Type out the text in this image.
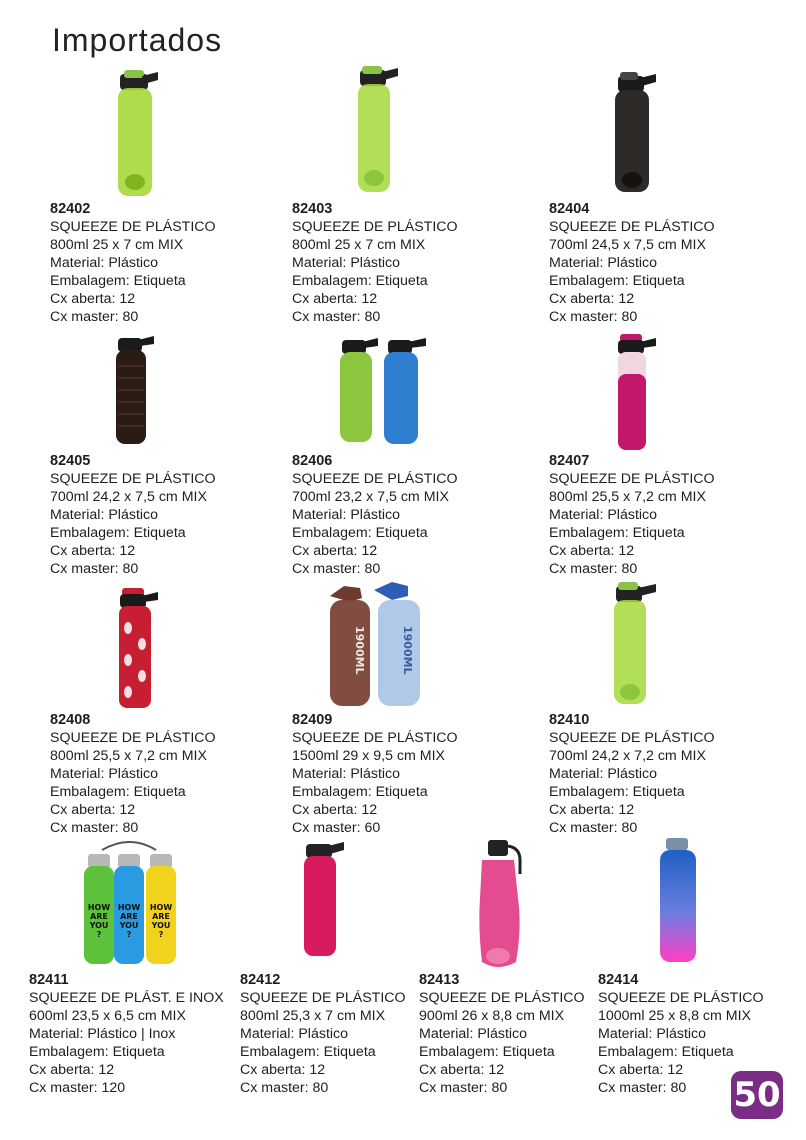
Importados
1900ML	1900ML
HOW
ARE
YOU
?
HOW
ARE
YOU
?
HOW
ARE
YOU
?
82402
SQUEEZE DE PLÁSTICO
800ml 25 x 7 cm MIX
Material: Plástico
Embalagem: Etiqueta
Cx aberta: 12
Cx master: 80
82403
SQUEEZE DE PLÁSTICO
800ml 25 x 7 cm MIX
Material: Plástico
Embalagem: Etiqueta
Cx aberta: 12
Cx master: 80
82404
SQUEEZE DE PLÁSTICO
700ml 24,5 x 7,5 cm MIX
Material: Plástico
Embalagem: Etiqueta
Cx aberta: 12
Cx master: 80
82405
SQUEEZE DE PLÁSTICO
700ml 24,2 x 7,5 cm MIX
Material: Plástico
Embalagem: Etiqueta
Cx aberta: 12
Cx master: 80
82406
SQUEEZE DE PLÁSTICO
700ml 23,2 x 7,5 cm MIX
Material: Plástico
Embalagem: Etiqueta
Cx aberta: 12
Cx master: 80
82407
SQUEEZE DE PLÁSTICO
800ml 25,5 x 7,2 cm MIX
Material: Plástico
Embalagem: Etiqueta
Cx aberta: 12
Cx master: 80
82408
SQUEEZE DE PLÁSTICO
800ml 25,5 x 7,2 cm MIX
Material: Plástico
Embalagem: Etiqueta
Cx aberta: 12
Cx master: 80
82409
SQUEEZE DE PLÁSTICO
1500ml 29 x 9,5 cm MIX
Material: Plástico
Embalagem: Etiqueta
Cx aberta: 12
Cx master: 60
82410
SQUEEZE DE PLÁSTICO
700ml 24,2 x 7,2 cm MIX
Material: Plástico
Embalagem: Etiqueta
Cx aberta: 12
Cx master: 80
82411
SQUEEZE DE PLÁST. E INOX
600ml 23,5 x 6,5 cm MIX
Material: Plástico | Inox
Embalagem: Etiqueta
Cx aberta: 12
Cx master: 120
82412
SQUEEZE DE PLÁSTICO
800ml 25,3 x 7 cm MIX
Material: Plástico
Embalagem: Etiqueta
Cx aberta: 12
Cx master: 80
82413
SQUEEZE DE PLÁSTICO
900ml 26 x 8,8 cm MIX
Material: Plástico
Embalagem: Etiqueta
Cx aberta: 12
Cx master: 80
82414
SQUEEZE DE PLÁSTICO
1000ml 25 x 8,8 cm MIX
Material: Plástico
Embalagem: Etiqueta
Cx aberta: 12
Cx master: 80	50
